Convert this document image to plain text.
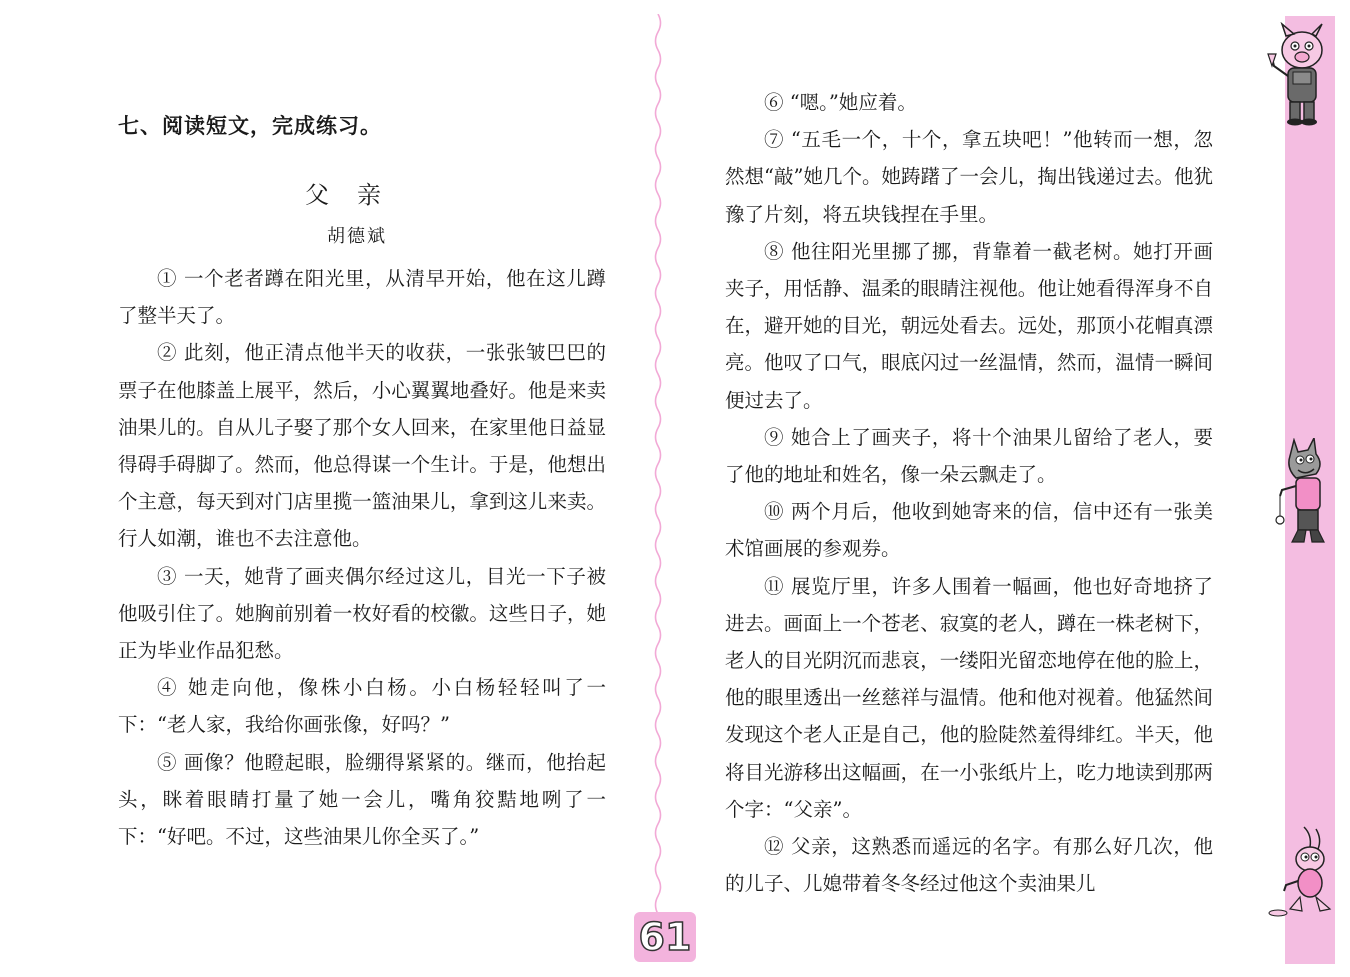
七、阅读短文，完成练习。
父亲
胡德斌

① 一个老者蹲在阳光里，从清早开始，他在这儿蹲了整半天了。

② 此刻，他正清点他半天的收获，一张张皱巴巴的票子在他膝盖上展平，然后，小心翼翼地叠好。他是来卖油果儿的。自从儿子娶了那个女人回来，在家里他日益显得碍手碍脚了。然而，他总得谋一个生计。于是，他想出个主意，每天到对门店里揽一篮油果儿，拿到这儿来卖。行人如潮，谁也不去注意他。

③ 一天，她背了画夹偶尔经过这儿，目光一下子被他吸引住了。她胸前别着一枚好看的校徽。这些日子，她正为毕业作品犯愁。

④ 她走向他，像株小白杨。小白杨轻轻叫了一下：“老人家，我给你画张像，好吗？”

⑤ 画像？他瞪起眼，脸绷得紧紧的。继而，他抬起头，眯着眼睛打量了她一会儿，嘴角狡黠地咧了一下：“好吧。不过，这些油果儿你全买了。”

⑥ “嗯。”她应着。

⑦ “五毛一个，十个，拿五块吧！”他转而一想，忽然想“敲”她几个。她踌躇了一会儿，掏出钱递过去。他犹豫了片刻，将五块钱捏在手里。

⑧ 他往阳光里挪了挪，背靠着一截老树。她打开画夹子，用恬静、温柔的眼睛注视他。他让她看得浑身不自在，避开她的目光，朝远处看去。远处，那顶小花帽真漂亮。他叹了口气，眼底闪过一丝温情，然而，温情一瞬间便过去了。

⑨ 她合上了画夹子，将十个油果儿留给了老人，要了他的地址和姓名，像一朵云飘走了。

⑩ 两个月后，他收到她寄来的信，信中还有一张美术馆画展的参观券。

⑪ 展览厅里，许多人围着一幅画，他也好奇地挤了进去。画面上一个苍老、寂寞的老人，蹲在一株老树下，老人的目光阴沉而悲哀，一缕阳光留恋地停在他的脸上，他的眼里透出一丝慈祥与温情。他和他对视着。他猛然间发现这个老人正是自己，他的脸陡然羞得绯红。半天，他将目光游移出这幅画，在一小张纸片上，吃力地读到那两个字：“父亲”。

⑫ 父亲，这熟悉而遥远的名字。有那么好几次，他的儿子、儿媳带着冬冬经过他这个卖油果儿

61
